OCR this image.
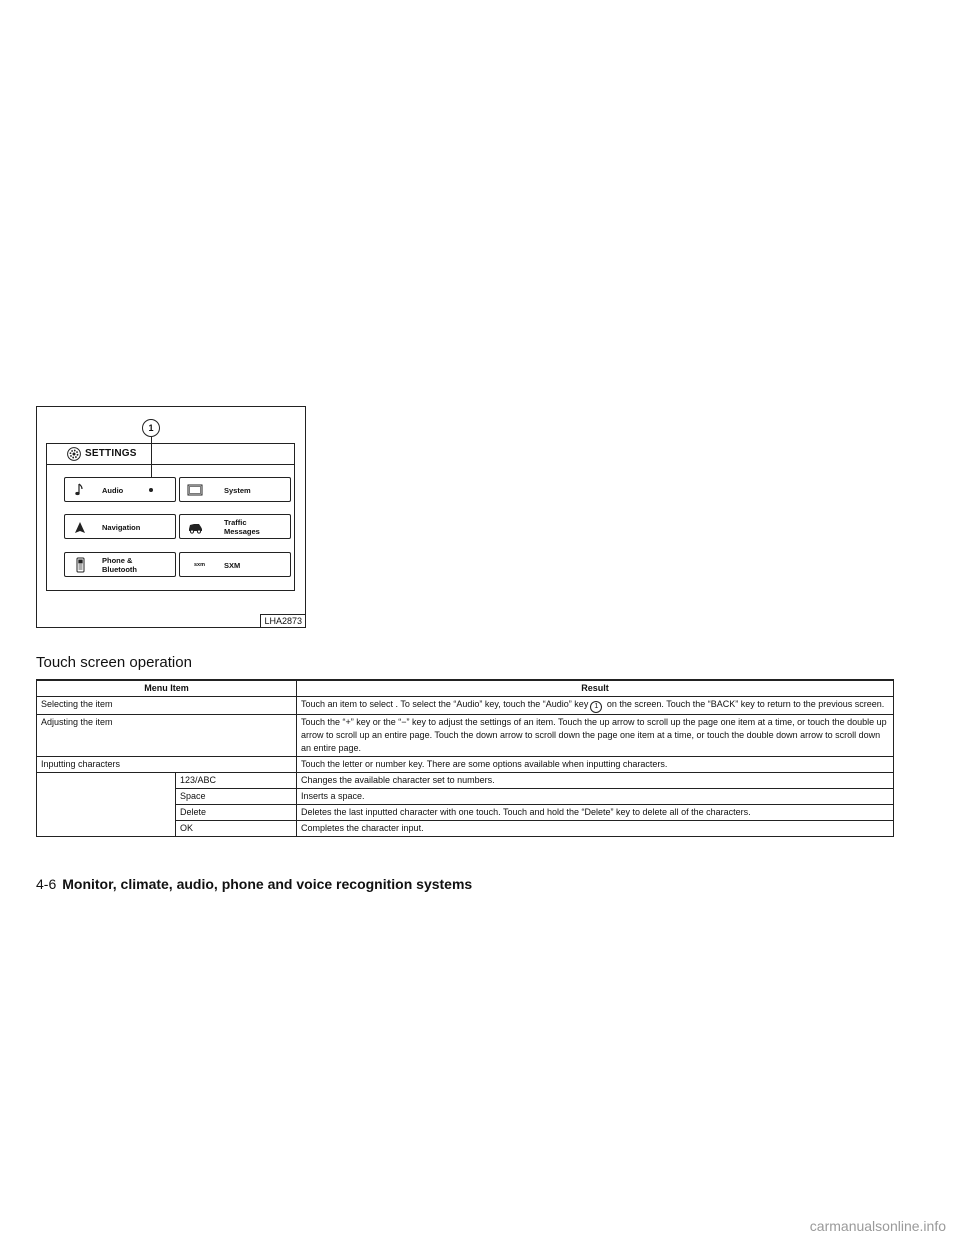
1
SETTINGS
Audio	System
Navigation
Traffic
Messages
Phone &
Bluetooth	sxm	SXM
LHA2873
Touch screen operation
Menu Item		Result
Selecting the item		Touch an item to select . To select the “Audio” key, touch the “Audio” key 1 on the screen. Touch the “BACK” key to return to the previous screen.
Adjusting the item		Touch the “+” key or the “−” key to adjust the settings of an item. Touch the up arrow to scroll up the page one item at a time, or touch the double up arrow to scroll up an entire page. Touch the down arrow to scroll down the page one item at a time, or touch the double down arrow to scroll down an entire page.
Inputting characters		Touch the letter or number key. There are some options available when inputting characters.
	123/ABC	Changes the available character set to numbers.
	Space	Inserts a space.
	Delete	Deletes the last inputted character with one touch. Touch and hold the “Delete” key to delete all of the characters.
	OK	Completes the character input.
4-6 Monitor, climate, audio, phone and voice recognition systems
carmanualsonline.info
